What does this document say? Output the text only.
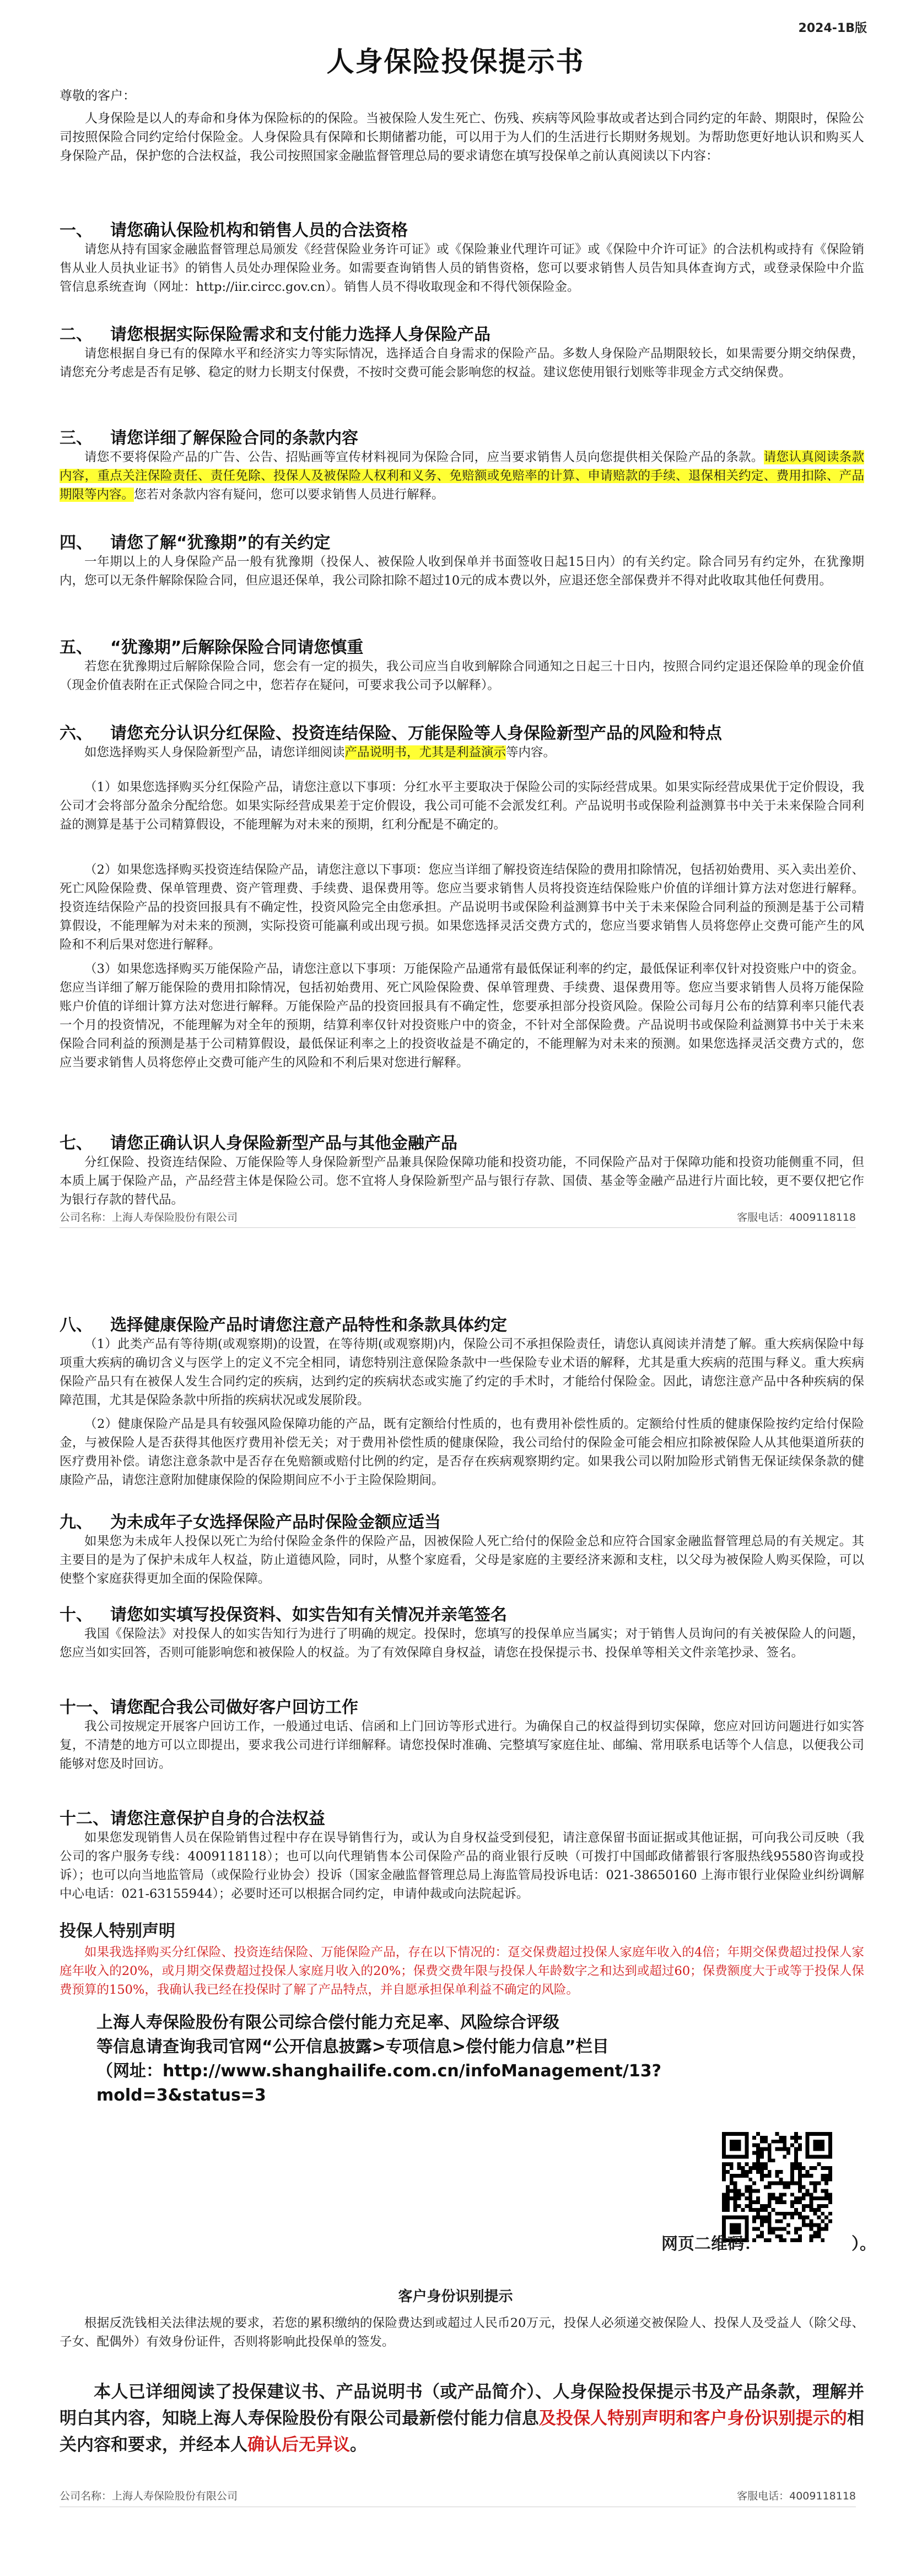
2024-1B版
人身保险投保提示书
尊敬的客户：
人身保险是以人的寿命和身体为保险标的的保险。当被保险人发生死亡、伤残、疾病等风险事故或者达到合同约定的年龄、期限时，保险公司按照保险合同约定给付保险金。人身保险具有保障和长期储蓄功能，可以用于为人们的生活进行长期财务规划。为帮助您更好地认识和购买人身保险产品，保护您的合法权益，我公司按照国家金融监督管理总局的要求请您在填写投保单之前认真阅读以下内容：
一、 请您确认保险机构和销售人员的合法资格
请您从持有国家金融监督管理总局颁发《经营保险业务许可证》或《保险兼业代理许可证》或《保险中介许可证》的合法机构或持有《保险销售从业人员执业证书》的销售人员处办理保险业务。如需要查询销售人员的销售资格，您可以要求销售人员告知具体查询方式，或登录保险中介监管信息系统查询（网址：http://iir.circc.gov.cn）。销售人员不得收取现金和不得代领保险金。
二、 请您根据实际保险需求和支付能力选择人身保险产品
请您根据自身已有的保障水平和经济实力等实际情况，选择适合自身需求的保险产品。多数人身保险产品期限较长，如果需要分期交纳保费，请您充分考虑是否有足够、稳定的财力长期支付保费，不按时交费可能会影响您的权益。建议您使用银行划账等非现金方式交纳保费。
三、 请您详细了解保险合同的条款内容
请您不要将保险产品的广告、公告、招贴画等宣传材料视同为保险合同，应当要求销售人员向您提供相关保险产品的条款。请您认真阅读条款内容，重点关注保险责任、责任免除、投保人及被保险人权利和义务、免赔额或免赔率的计算、申请赔款的手续、退保相关约定、费用扣除、产品期限等内容。您若对条款内容有疑问，您可以要求销售人员进行解释。
四、 请您了解“犹豫期”的有关约定
一年期以上的人身保险产品一般有犹豫期（投保人、被保险人收到保单并书面签收日起15日内）的有关约定。除合同另有约定外，在犹豫期内，您可以无条件解除保险合同，但应退还保单，我公司除扣除不超过10元的成本费以外，应退还您全部保费并不得对此收取其他任何费用。
五、 “犹豫期”后解除保险合同请您慎重
若您在犹豫期过后解除保险合同，您会有一定的损失，我公司应当自收到解除合同通知之日起三十日内，按照合同约定退还保险单的现金价值（现金价值表附在正式保险合同之中，您若存在疑问，可要求我公司予以解释）。
六、 请您充分认识分红保险、投资连结保险、万能保险等人身保险新型产品的风险和特点
如您选择购买人身保险新型产品，请您详细阅读产品说明书，尤其是利益演示等内容。
（1）如果您选择购买分红保险产品，请您注意以下事项：分红水平主要取决于保险公司的实际经营成果。如果实际经营成果优于定价假设，我公司才会将部分盈余分配给您。如果实际经营成果差于定价假设，我公司可能不会派发红利。产品说明书或保险利益测算书中关于未来保险合同利益的测算是基于公司精算假设，不能理解为对未来的预期，红利分配是不确定的。
（2）如果您选择购买投资连结保险产品，请您注意以下事项：您应当详细了解投资连结保险的费用扣除情况，包括初始费用、买入卖出差价、死亡风险保险费、保单管理费、资产管理费、手续费、退保费用等。您应当要求销售人员将投资连结保险账户价值的详细计算方法对您进行解释。投资连结保险产品的投资回报具有不确定性，投资风险完全由您承担。产品说明书或保险利益测算书中关于未来保险合同利益的预测是基于公司精算假设，不能理解为对未来的预测，实际投资可能赢利或出现亏损。如果您选择灵活交费方式的，您应当要求销售人员将您停止交费可能产生的风险和不利后果对您进行解释。
（3）如果您选择购买万能保险产品，请您注意以下事项：万能保险产品通常有最低保证利率的约定，最低保证利率仅针对投资账户中的资金。您应当详细了解万能保险的费用扣除情况，包括初始费用、死亡风险保险费、保单管理费、手续费、退保费用等。您应当要求销售人员将万能保险账户价值的详细计算方法对您进行解释。万能保险产品的投资回报具有不确定性，您要承担部分投资风险。保险公司每月公布的结算利率只能代表一个月的投资情况，不能理解为对全年的预期，结算利率仅针对投资账户中的资金，不针对全部保险费。产品说明书或保险利益测算书中关于未来保险合同利益的预测是基于公司精算假设，最低保证利率之上的投资收益是不确定的，不能理解为对未来的预测。如果您选择灵活交费方式的，您应当要求销售人员将您停止交费可能产生的风险和不利后果对您进行解释。
七、 请您正确认识人身保险新型产品与其他金融产品
分红保险、投资连结保险、万能保险等人身保险新型产品兼具保险保障功能和投资功能，不同保险产品对于保障功能和投资功能侧重不同，但本质上属于保险产品，产品经营主体是保险公司。您不宜将人身保险新型产品与银行存款、国债、基金等金融产品进行片面比较，更不要仅把它作为银行存款的替代品。
公司名称：上海人寿保险股份有限公司	客服电话：4009118118
八、 选择健康保险产品时请您注意产品特性和条款具体约定
（1）此类产品有等待期(或观察期)的设置，在等待期(或观察期)内，保险公司不承担保险责任，请您认真阅读并清楚了解。重大疾病保险中每项重大疾病的确切含义与医学上的定义不完全相同，请您特别注意保险条款中一些保险专业术语的解释，尤其是重大疾病的范围与释义。重大疾病保险产品只有在被保人发生合同约定的疾病，达到约定的疾病状态或实施了约定的手术时，才能给付保险金。因此，请您注意产品中各种疾病的保障范围，尤其是保险条款中所指的疾病状况或发展阶段。
（2）健康保险产品是具有较强风险保障功能的产品，既有定额给付性质的，也有费用补偿性质的。定额给付性质的健康保险按约定给付保险金，与被保险人是否获得其他医疗费用补偿无关；对于费用补偿性质的健康保险，我公司给付的保险金可能会相应扣除被保险人从其他渠道所获的医疗费用补偿。请您注意条款中是否存在免赔额或赔付比例的约定，是否存在疾病观察期约定。如果我公司以附加险形式销售无保证续保条款的健康险产品，请您注意附加健康保险的保险期间应不小于主险保险期间。
九、 为未成年子女选择保险产品时保险金额应适当
如果您为未成年人投保以死亡为给付保险金条件的保险产品，因被保险人死亡给付的保险金总和应符合国家金融监督管理总局的有关规定。其主要目的是为了保护未成年人权益，防止道德风险，同时，从整个家庭看，父母是家庭的主要经济来源和支柱，以父母为被保险人购买保险，可以使整个家庭获得更加全面的保险保障。
十、 请您如实填写投保资料、如实告知有关情况并亲笔签名
我国《保险法》对投保人的如实告知行为进行了明确的规定。投保时，您填写的投保单应当属实；对于销售人员询问的有关被保险人的问题，您应当如实回答，否则可能影响您和被保险人的权益。为了有效保障自身权益，请您在投保提示书、投保单等相关文件亲笔抄录、签名。
十一、请您配合我公司做好客户回访工作
我公司按规定开展客户回访工作，一般通过电话、信函和上门回访等形式进行。为确保自己的权益得到切实保障，您应对回访问题进行如实答复，不清楚的地方可以立即提出，要求我公司进行详细解释。请您投保时准确、完整填写家庭住址、邮编、常用联系电话等个人信息，以便我公司能够对您及时回访。
十二、请您注意保护自身的合法权益
如果您发现销售人员在保险销售过程中存在误导销售行为，或认为自身权益受到侵犯，请注意保留书面证据或其他证据，可向我公司反映（我公司的客户服务专线：4009118118）；也可以向代理销售本公司保险产品的商业银行反映（可拨打中国邮政储蓄银行客服热线95580咨询或投诉）；也可以向当地监管局（或保险行业协会）投诉（国家金融监督管理总局上海监管局投诉电话：021-38650160 上海市银行业保险业纠纷调解中心电话：021-63155944）；必要时还可以根据合同约定，申请仲裁或向法院起诉。
投保人特别声明
如果我选择购买分红保险、投资连结保险、万能保险产品，存在以下情况的：趸交保费超过投保人家庭年收入的4倍；年期交保费超过投保人家庭年收入的20%，或月期交保费超过投保人家庭月收入的20%；保费交费年限与投保人年龄数字之和达到或超过60；保费额度大于或等于投保人保费预算的150%，我确认我已经在投保时了解了产品特点，并自愿承担保单利益不确定的风险。
上海人寿保险股份有限公司综合偿付能力充足率、风险综合评级
等信息请查询我司官网“公开信息披露>专项信息>偿付能力信息”栏目
（网址：http://www.shanghailife.com.cn/infoManagement/13?mold=3&status=3
网页二维码：	）。
客户身份识别提示
根据反洗钱相关法律法规的要求，若您的累积缴纳的保险费达到或超过人民币20万元，投保人必须递交被保险人、投保人及受益人（除父母、子女、配偶外）有效身份证件，否则将影响此投保单的签发。
本人已详细阅读了投保建议书、产品说明书（或产品简介）、人身保险投保提示书及产品条款，理解并明白其内容，知晓上海人寿保险股份有限公司最新偿付能力信息及投保人特别声明和客户身份识别提示的相关内容和要求，并经本人确认后无异议。
公司名称：上海人寿保险股份有限公司	客服电话：4009118118
